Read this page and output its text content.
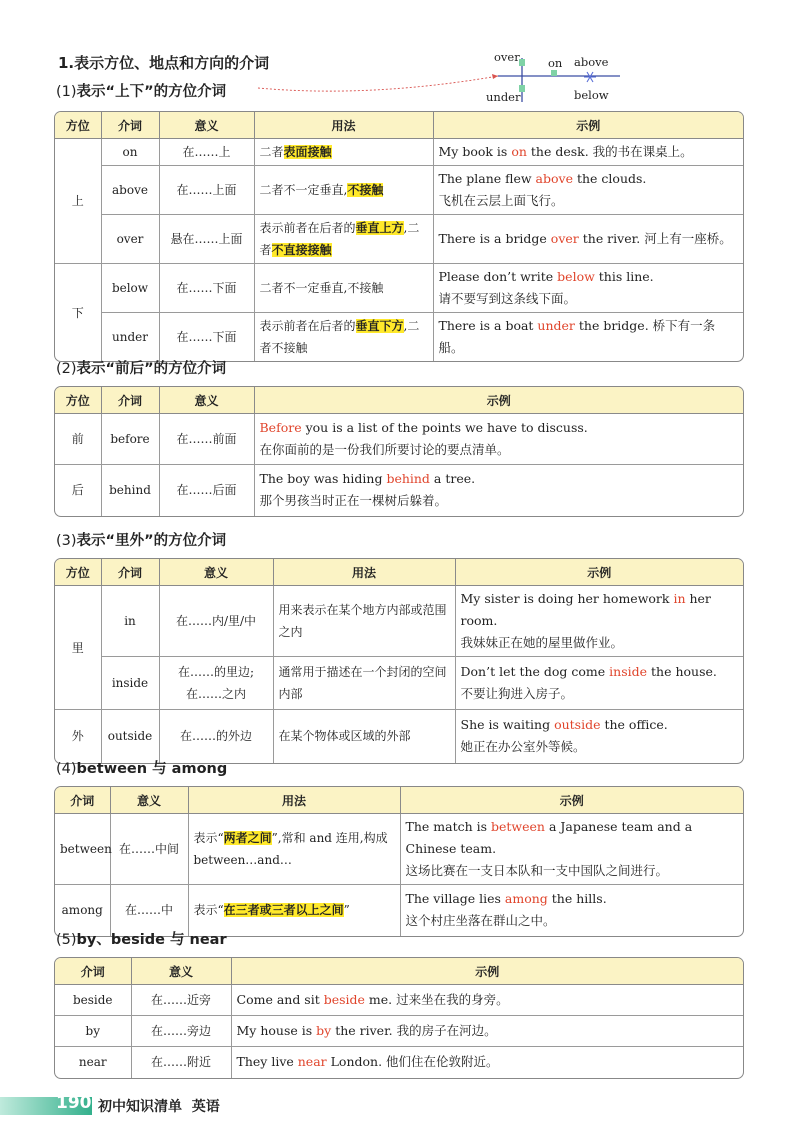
1.表示方位、地点和方向的介词
(1)表示“上下”的方位介词
over on above
under	below
方位	介词	意义	用法	示例
上	on	在……上	二者表面接触	My book is on the desk. 我的书在课桌上。
	above	在……上面	二者不一定垂直,不接触	The plane flew above the clouds.
飞机在云层上面飞行。

	over	悬在……上面	表示前者在后者的垂直上方,二者不直接接触	There is a bridge over the river. 河上有一座桥。
下	below	在……下面	二者不一定垂直,不接触	Please don’t write below this line.
请不要写到这条线下面。

	under	在……下面	表示前者在后者的垂直下方,二者不接触	There is a boat under the bridge. 桥下有一条船。
(2)表示“前后”的方位介词
方位	介词	意义	示例
前	before	在……前面	Before you is a list of the points we have to discuss.
在你面前的是一份我们所要讨论的要点清单。

后	behind	在……后面	The boy was hiding behind a tree.
那个男孩当时正在一棵树后躲着。
(3)表示“里外”的方位介词
方位	介词	意义	用法	示例
里	in	在……内/里/中	用来表示在某个地方内部或范围之内	My sister is doing her homework in her room.
我妹妹正在她的屋里做作业。

	inside	在……的里边;
在……之内	通常用于描述在一个封闭的空间内部	Don’t let the dog come inside the house.
不要让狗进入房子。

外	outside	在……的外边	在某个物体或区域的外部	She is waiting outside the office.
她正在办公室外等候。
(4)between 与 among
介词	意义	用法	示例
between	在……中间	表示“两者之间”,常和 and 连用,构成 between…and…	The match is between a Japanese team and a Chinese team.
这场比赛在一支日本队和一支中国队之间进行。

among	在……中	表示“在三者或三者以上之间”	The village lies among the hills.
这个村庄坐落在群山之中。
(5)by、beside 与 near
介词	意义	示例
beside	在……近旁	Come and sit beside me. 过来坐在我的身旁。
by	在……旁边	My house is by the river. 我的房子在河边。
near	在……附近	They live near London. 他们住在伦敦附近。
190 初中知识清单 英语
